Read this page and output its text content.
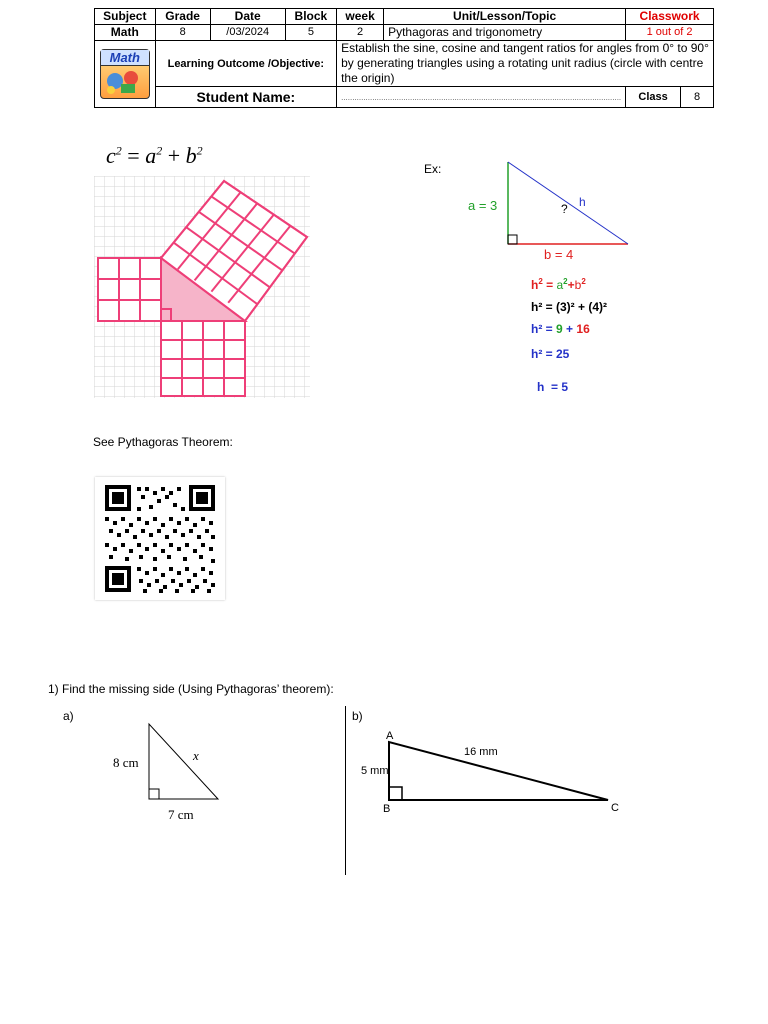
Subject	Grade	Date	Block	week	Unit/Lesson/Topic	Classwork
Math	8	/03/2024	5	2	Pythagoras and trigonometry	1 out of 2

Math	Learning Outcome /Objective:			Establish the sine, cosine and tangent ratios for angles from 0° to 90° by generating triangles using a rotating unit radius (circle with centre the origin)		
	Student Name:			..............................................................................................................................		Class 8
$c^2 = a^2 + b^2$
Ex:
a = 3
b = 4
h
?
$h^2 = a^2+b^2$
h² = (3)² + (4)²
h² = 9 + 16
h² = 25
h  = 5
See Pythagoras Theorem:
1) Find the missing side (Using Pythagoras’ theorem):
a)	b)
8 cm
7 cm
x
A
B	C
5 mm
16 mm
